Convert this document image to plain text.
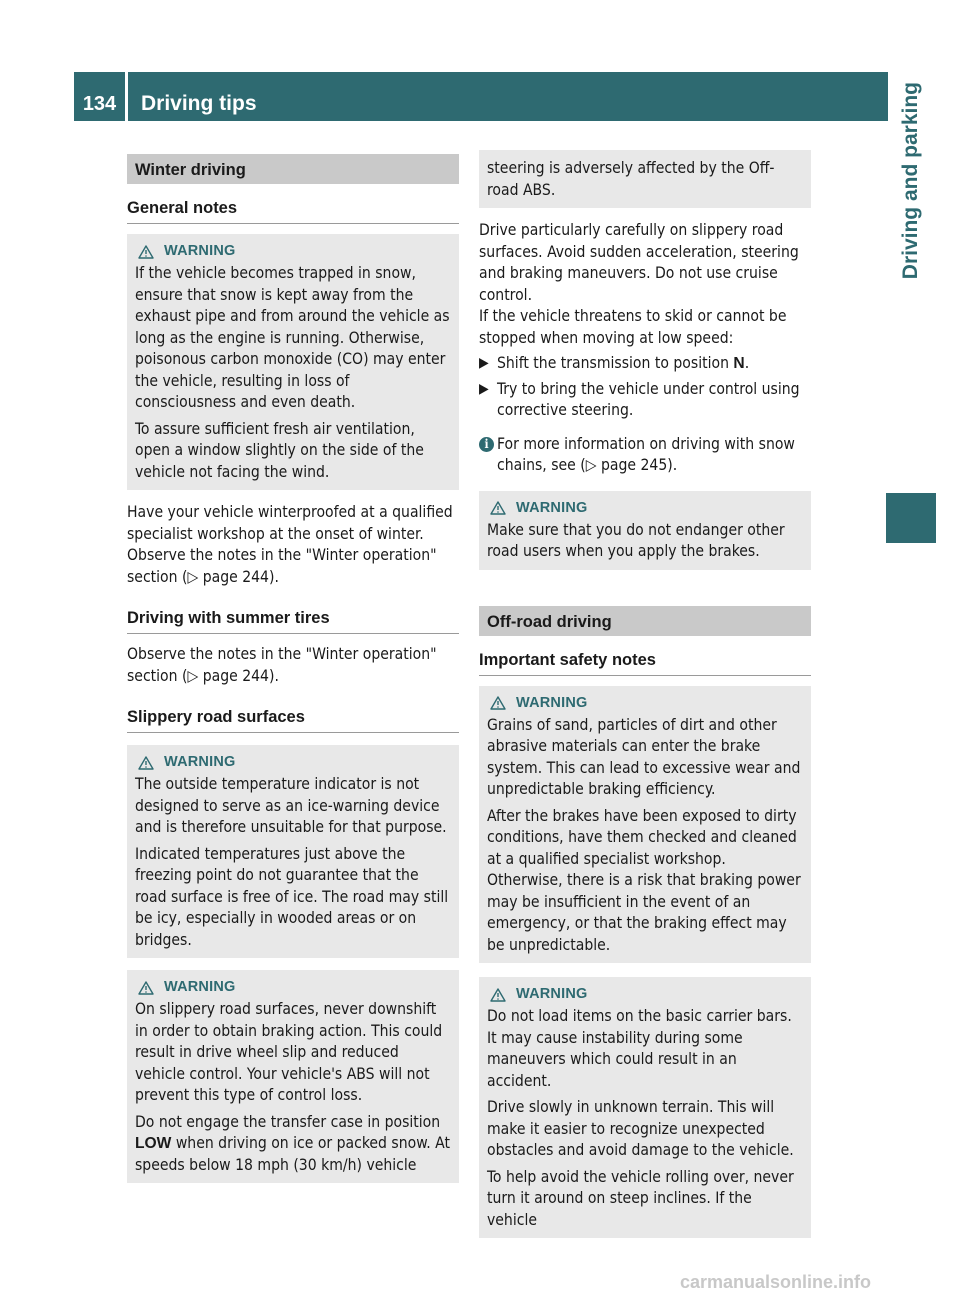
134	Driving tips	Driving and parking
Winter driving
General notes
WARNING

If the vehicle becomes trapped in snow, ensure that snow is kept away from the exhaust pipe and from around the vehicle as long as the engine is running. Otherwise, poisonous carbon monoxide (CO) may enter the vehicle, resulting in loss of consciousness and even death.

To assure sufficient fresh air ventilation, open a window slightly on the side of the vehicle not facing the wind.

Have your vehicle winterproofed at a qualified specialist workshop at the onset of winter.

Observe the notes in the "Winter operation" section (▷ page 244).

Driving with summer tires

Observe the notes in the "Winter operation" section (▷ page 244).

Slippery road surfaces
WARNING

The outside temperature indicator is not designed to serve as an ice-warning device and is therefore unsuitable for that purpose.

Indicated temperatures just above the freezing point do not guarantee that the road surface is free of ice. The road may still be icy, especially in wooded areas or on bridges.

WARNING

On slippery road surfaces, never downshift in order to obtain braking action. This could result in drive wheel slip and reduced vehicle control. Your vehicle's ABS will not prevent this type of control loss.

Do not engage the transfer case in position LOW when driving on ice or packed snow. At speeds below 18 mph (30 km/h) vehicle

steering is adversely affected by the Off-road ABS.

Drive particularly carefully on slippery road surfaces. Avoid sudden acceleration, steering and braking maneuvers. Do not use cruise control.

If the vehicle threatens to skid or cannot be stopped when moving at low speed:

▶ Shift the transmission to position N.
▶ Try to bring the vehicle under control using corrective steering.
i For more information on driving with snow chains, see (▷ page 245).
WARNING

Make sure that you do not endanger other road users when you apply the brakes.

Off-road driving
Important safety notes
WARNING

Grains of sand, particles of dirt and other abrasive materials can enter the brake system. This can lead to excessive wear and unpredictable braking efficiency.

After the brakes have been exposed to dirty conditions, have them checked and cleaned at a qualified specialist workshop. Otherwise, there is a risk that braking power may be insufficient in the event of an emergency, or that the braking effect may be unpredictable.

WARNING

Do not load items on the basic carrier bars. It may cause instability during some maneuvers which could result in an accident.

Drive slowly in unknown terrain. This will make it easier to recognize unexpected obstacles and avoid damage to the vehicle.

To help avoid the vehicle rolling over, never turn it around on steep inclines. If the vehicle

carmanualsonline.info
